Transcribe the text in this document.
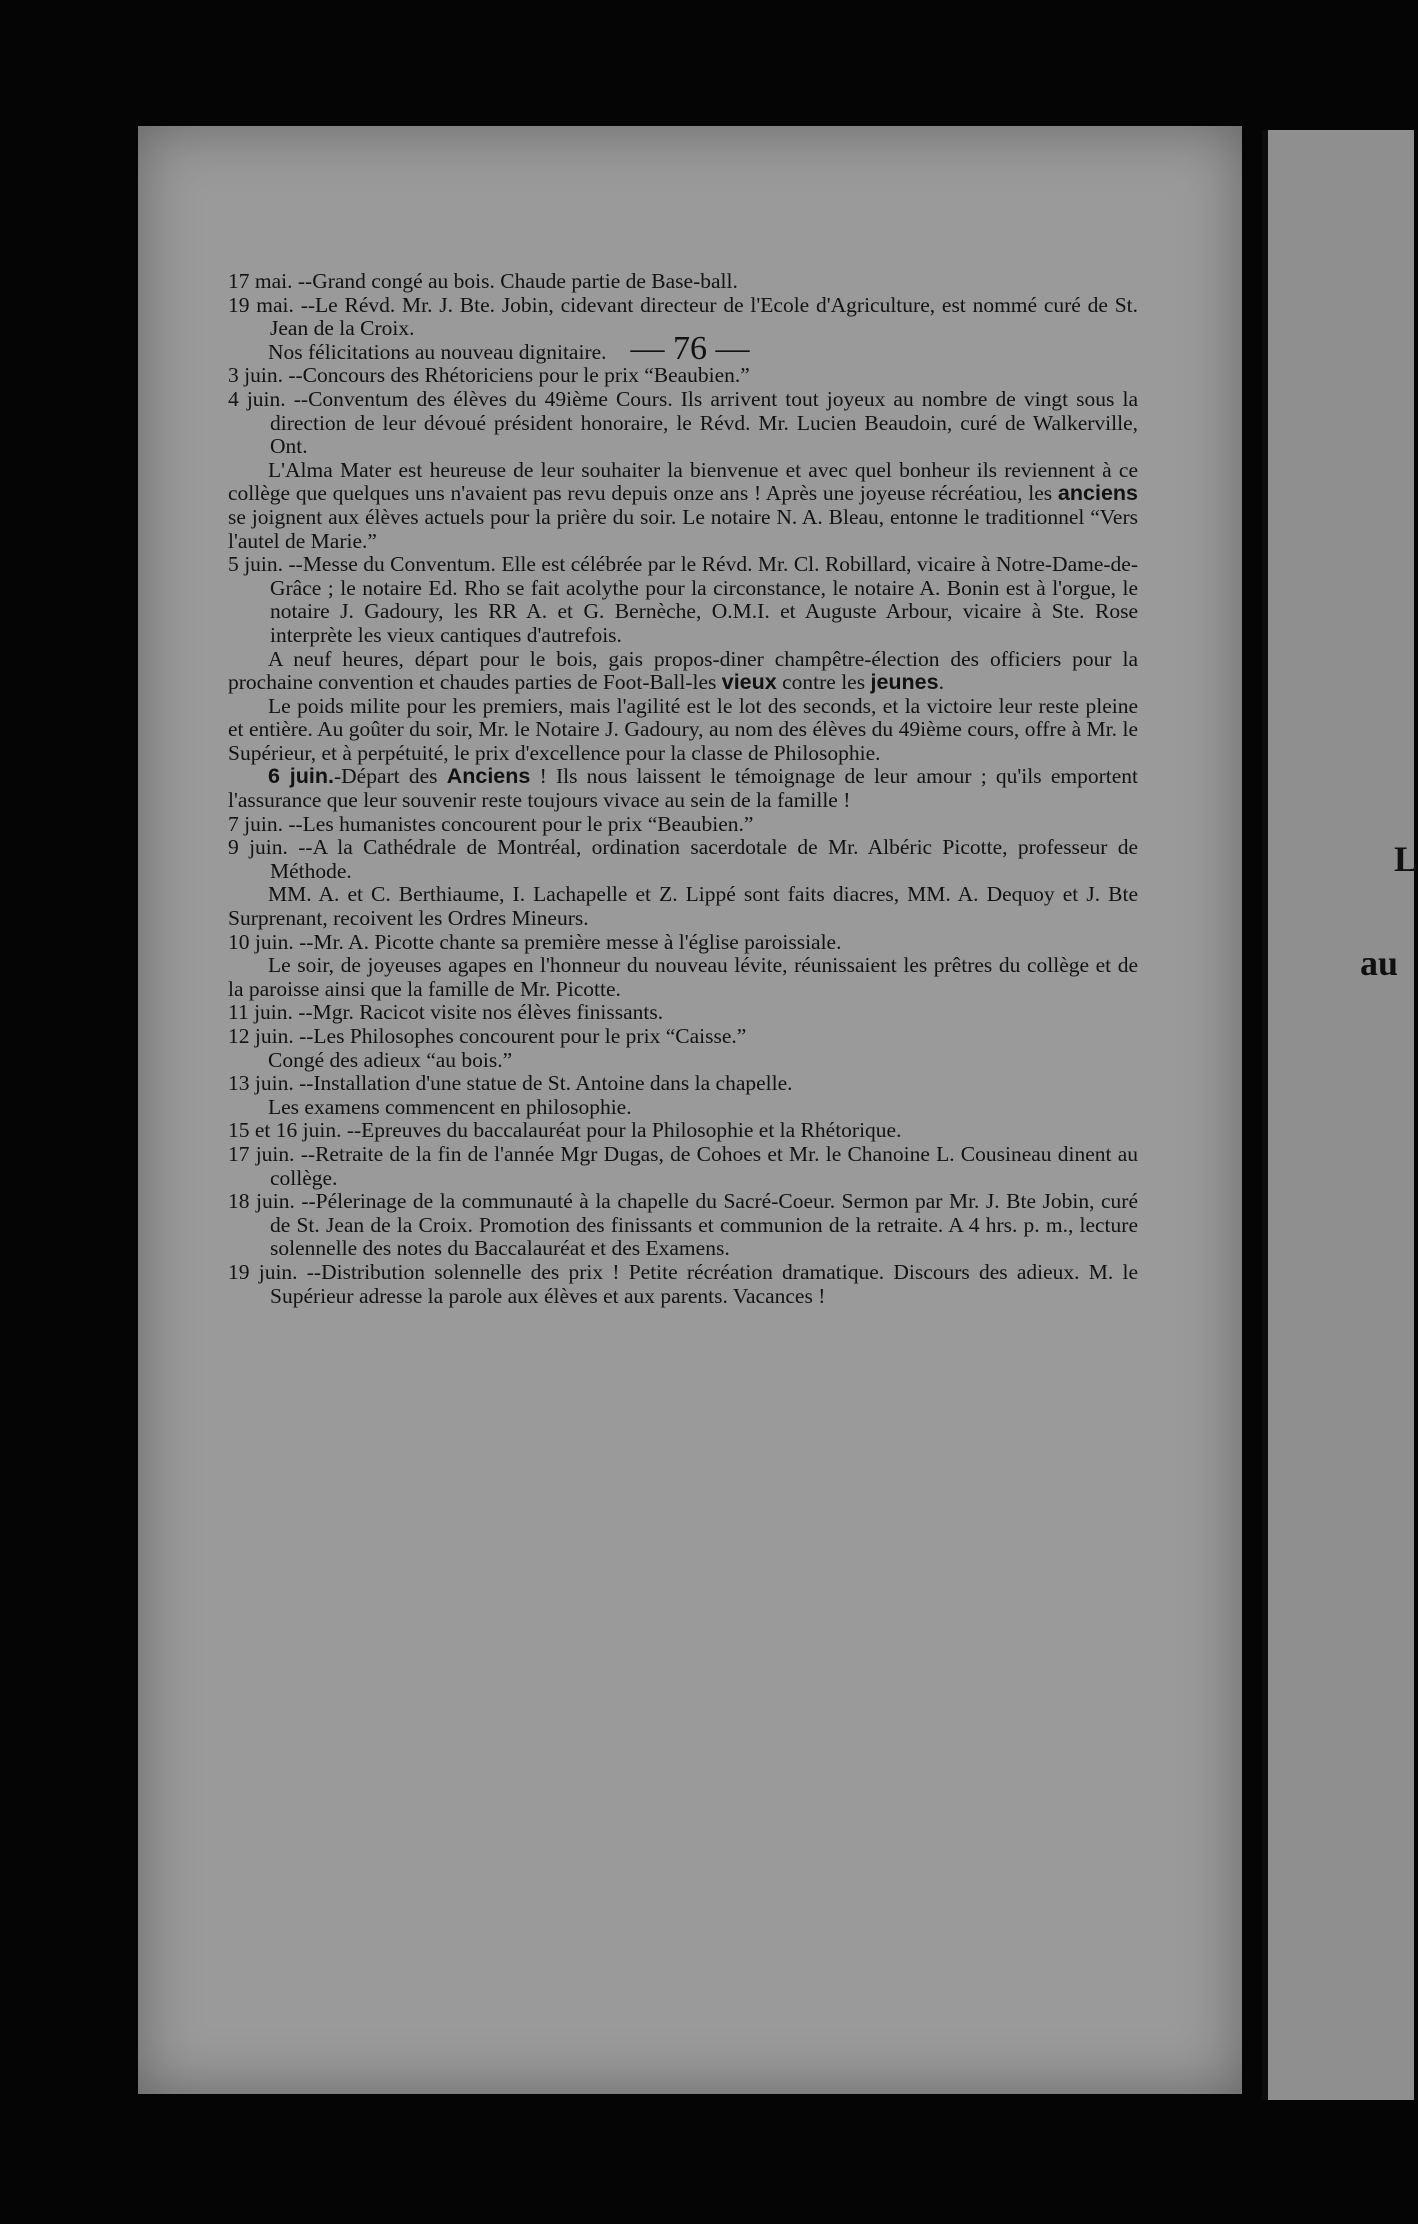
— 76 —
L
au

17 mai. --Grand congé au bois. Chaude partie de Base-ball.

19 mai. --Le Révd. Mr. J. Bte. Jobin, cidevant directeur de l'Ecole d'Agriculture, est nommé curé de St. Jean de la Croix.

Nos félicitations au nouveau dignitaire.

3 juin. --Concours des Rhétoriciens pour le prix “Beaubien.”

4 juin. --Conventum des élèves du 49ième Cours. Ils arrivent tout joyeux au nombre de vingt sous la direction de leur dévoué président honoraire, le Révd. Mr. Lucien Beaudoin, curé de Walkerville, Ont.

L'Alma Mater est heureuse de leur souhaiter la bienvenue et avec quel bonheur ils reviennent à ce collège que quelques uns n'avaient pas revu depuis onze ans ! Après une joyeuse récréatiou, les anciens se joignent aux élèves actuels pour la prière du soir. Le notaire N. A. Bleau, entonne le traditionnel “Vers l'autel de Marie.”

5 juin. --Messe du Conventum. Elle est célébrée par le Révd. Mr. Cl. Robillard, vicaire à Notre-Dame-de-Grâce ; le notaire Ed. Rho se fait acolythe pour la circonstance, le notaire A. Bonin est à l'orgue, le notaire J. Gadoury, les RR A. et G. Bernèche, O.M.I. et Auguste Arbour, vicaire à Ste. Rose interprète les vieux cantiques d'autrefois.

A neuf heures, départ pour le bois, gais propos-diner champêtre-élection des officiers pour la prochaine convention et chaudes parties de Foot-Ball-les vieux contre les jeunes.

Le poids milite pour les premiers, mais l'agilité est le lot des seconds, et la victoire leur reste pleine et entière. Au goûter du soir, Mr. le Notaire J. Gadoury, au nom des élèves du 49ième cours, offre à Mr. le Supérieur, et à perpétuité, le prix d'excellence pour la classe de Philosophie.

6 juin.-Départ des Anciens ! Ils nous laissent le témoignage de leur amour ; qu'ils emportent l'assurance que leur souvenir reste toujours vivace au sein de la famille !

7 juin. --Les humanistes concourent pour le prix “Beaubien.”

9 juin. --A la Cathédrale de Montréal, ordination sacerdotale de Mr. Albéric Picotte, professeur de Méthode.

MM. A. et C. Berthiaume, I. Lachapelle et Z. Lippé sont faits diacres, MM. A. Dequoy et J. Bte Surprenant, recoivent les Ordres Mineurs.

10 juin. --Mr. A. Picotte chante sa première messe à l'église paroissiale.

Le soir, de joyeuses agapes en l'honneur du nouveau lévite, réunissaient les prêtres du collège et de la paroisse ainsi que la famille de Mr. Picotte.

11 juin. --Mgr. Racicot visite nos élèves finissants.

12 juin. --Les Philosophes concourent pour le prix “Caisse.”

Congé des adieux “au bois.”

13 juin. --Installation d'une statue de St. Antoine dans la chapelle.

Les examens commencent en philosophie.

15 et 16 juin. --Epreuves du baccalauréat pour la Philosophie et la Rhétorique.

17 juin. --Retraite de la fin de l'année Mgr Dugas, de Cohoes et Mr. le Chanoine L. Cousineau dinent au collège.

18 juin. --Pélerinage de la communauté à la chapelle du Sacré-Coeur. Sermon par Mr. J. Bte Jobin, curé de St. Jean de la Croix. Promotion des finissants et communion de la retraite. A 4 hrs. p. m., lecture solennelle des notes du Baccalauréat et des Examens.

19 juin. --Distribution solennelle des prix ! Petite récréation dramatique. Discours des adieux. M. le Supérieur adresse la parole aux élèves et aux parents. Vacances !
